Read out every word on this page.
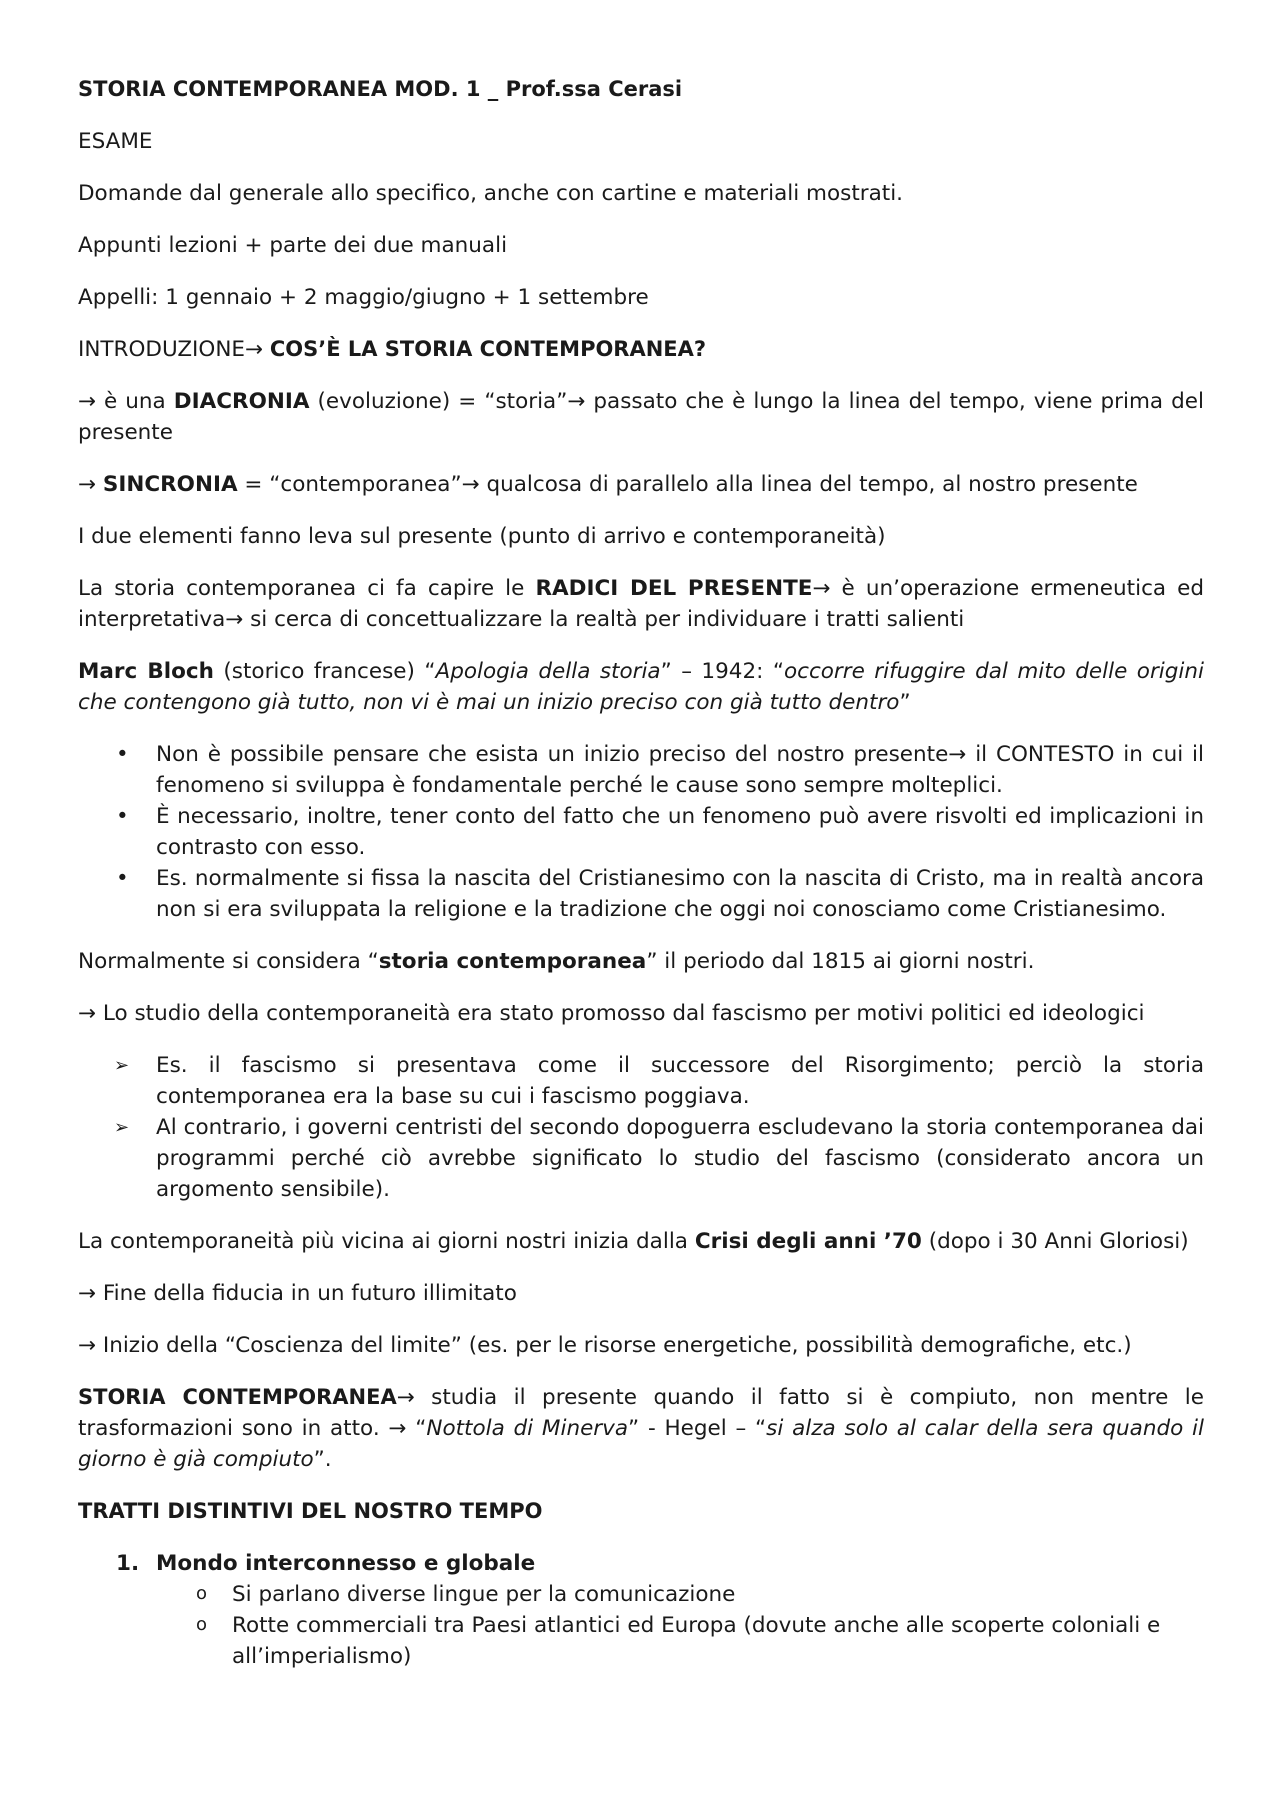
STORIA CONTEMPORANEA MOD. 1 _ Prof.ssa Cerasi

ESAME

Domande dal generale allo specifico, anche con cartine e materiali mostrati.

Appunti lezioni + parte dei due manuali

Appelli: 1 gennaio + 2 maggio/giugno + 1 settembre

INTRODUZIONE→ COS’È LA STORIA CONTEMPORANEA?

→ è una DIACRONIA (evoluzione) = “storia”→ passato che è lungo la linea del tempo, viene prima del presente

→ SINCRONIA = “contemporanea”→ qualcosa di parallelo alla linea del tempo, al nostro presente

I due elementi fanno leva sul presente (punto di arrivo e contemporaneità)

La storia contemporanea ci fa capire le RADICI DEL PRESENTE→ è un’operazione ermeneutica ed interpretativa→ si cerca di concettualizzare la realtà per individuare i tratti salienti

Marc Bloch (storico francese) “Apologia della storia” – 1942: “occorre rifuggire dal mito delle origini che contengono già tutto, non vi è mai un inizio preciso con già tutto dentro”

• Non è possibile pensare che esista un inizio preciso del nostro presente→ il CONTESTO in cui il fenomeno si sviluppa è fondamentale perché le cause sono sempre molteplici.
• È necessario, inoltre, tener conto del fatto che un fenomeno può avere risvolti ed implicazioni in contrasto con esso.
• Es. normalmente si fissa la nascita del Cristianesimo con la nascita di Cristo, ma in realtà ancora non si era sviluppata la religione e la tradizione che oggi noi conosciamo come Cristianesimo.

Normalmente si considera “storia contemporanea” il periodo dal 1815 ai giorni nostri.

→ Lo studio della contemporaneità era stato promosso dal fascismo per motivi politici ed ideologici

➢ Es. il fascismo si presentava come il successore del Risorgimento; perciò la storia contemporanea era la base su cui i fascismo poggiava.
➢ Al contrario, i governi centristi del secondo dopoguerra escludevano la storia contemporanea dai programmi perché ciò avrebbe significato lo studio del fascismo (considerato ancora un argomento sensibile).

La contemporaneità più vicina ai giorni nostri inizia dalla Crisi degli anni ’70 (dopo i 30 Anni Gloriosi)

→ Fine della fiducia in un futuro illimitato

→ Inizio della “Coscienza del limite” (es. per le risorse energetiche, possibilità demografiche, etc.)

STORIA CONTEMPORANEA→ studia il presente quando il fatto si è compiuto, non mentre le trasformazioni sono in atto. → “Nottola di Minerva” - Hegel – “si alza solo al calar della sera quando il giorno è già compiuto”.

TRATTI DISTINTIVI DEL NOSTRO TEMPO

1. Mondo interconnesso e globale
o Si parlano diverse lingue per la comunicazione
o Rotte commerciali tra Paesi atlantici ed Europa (dovute anche alle scoperte coloniali e all’imperialismo)
